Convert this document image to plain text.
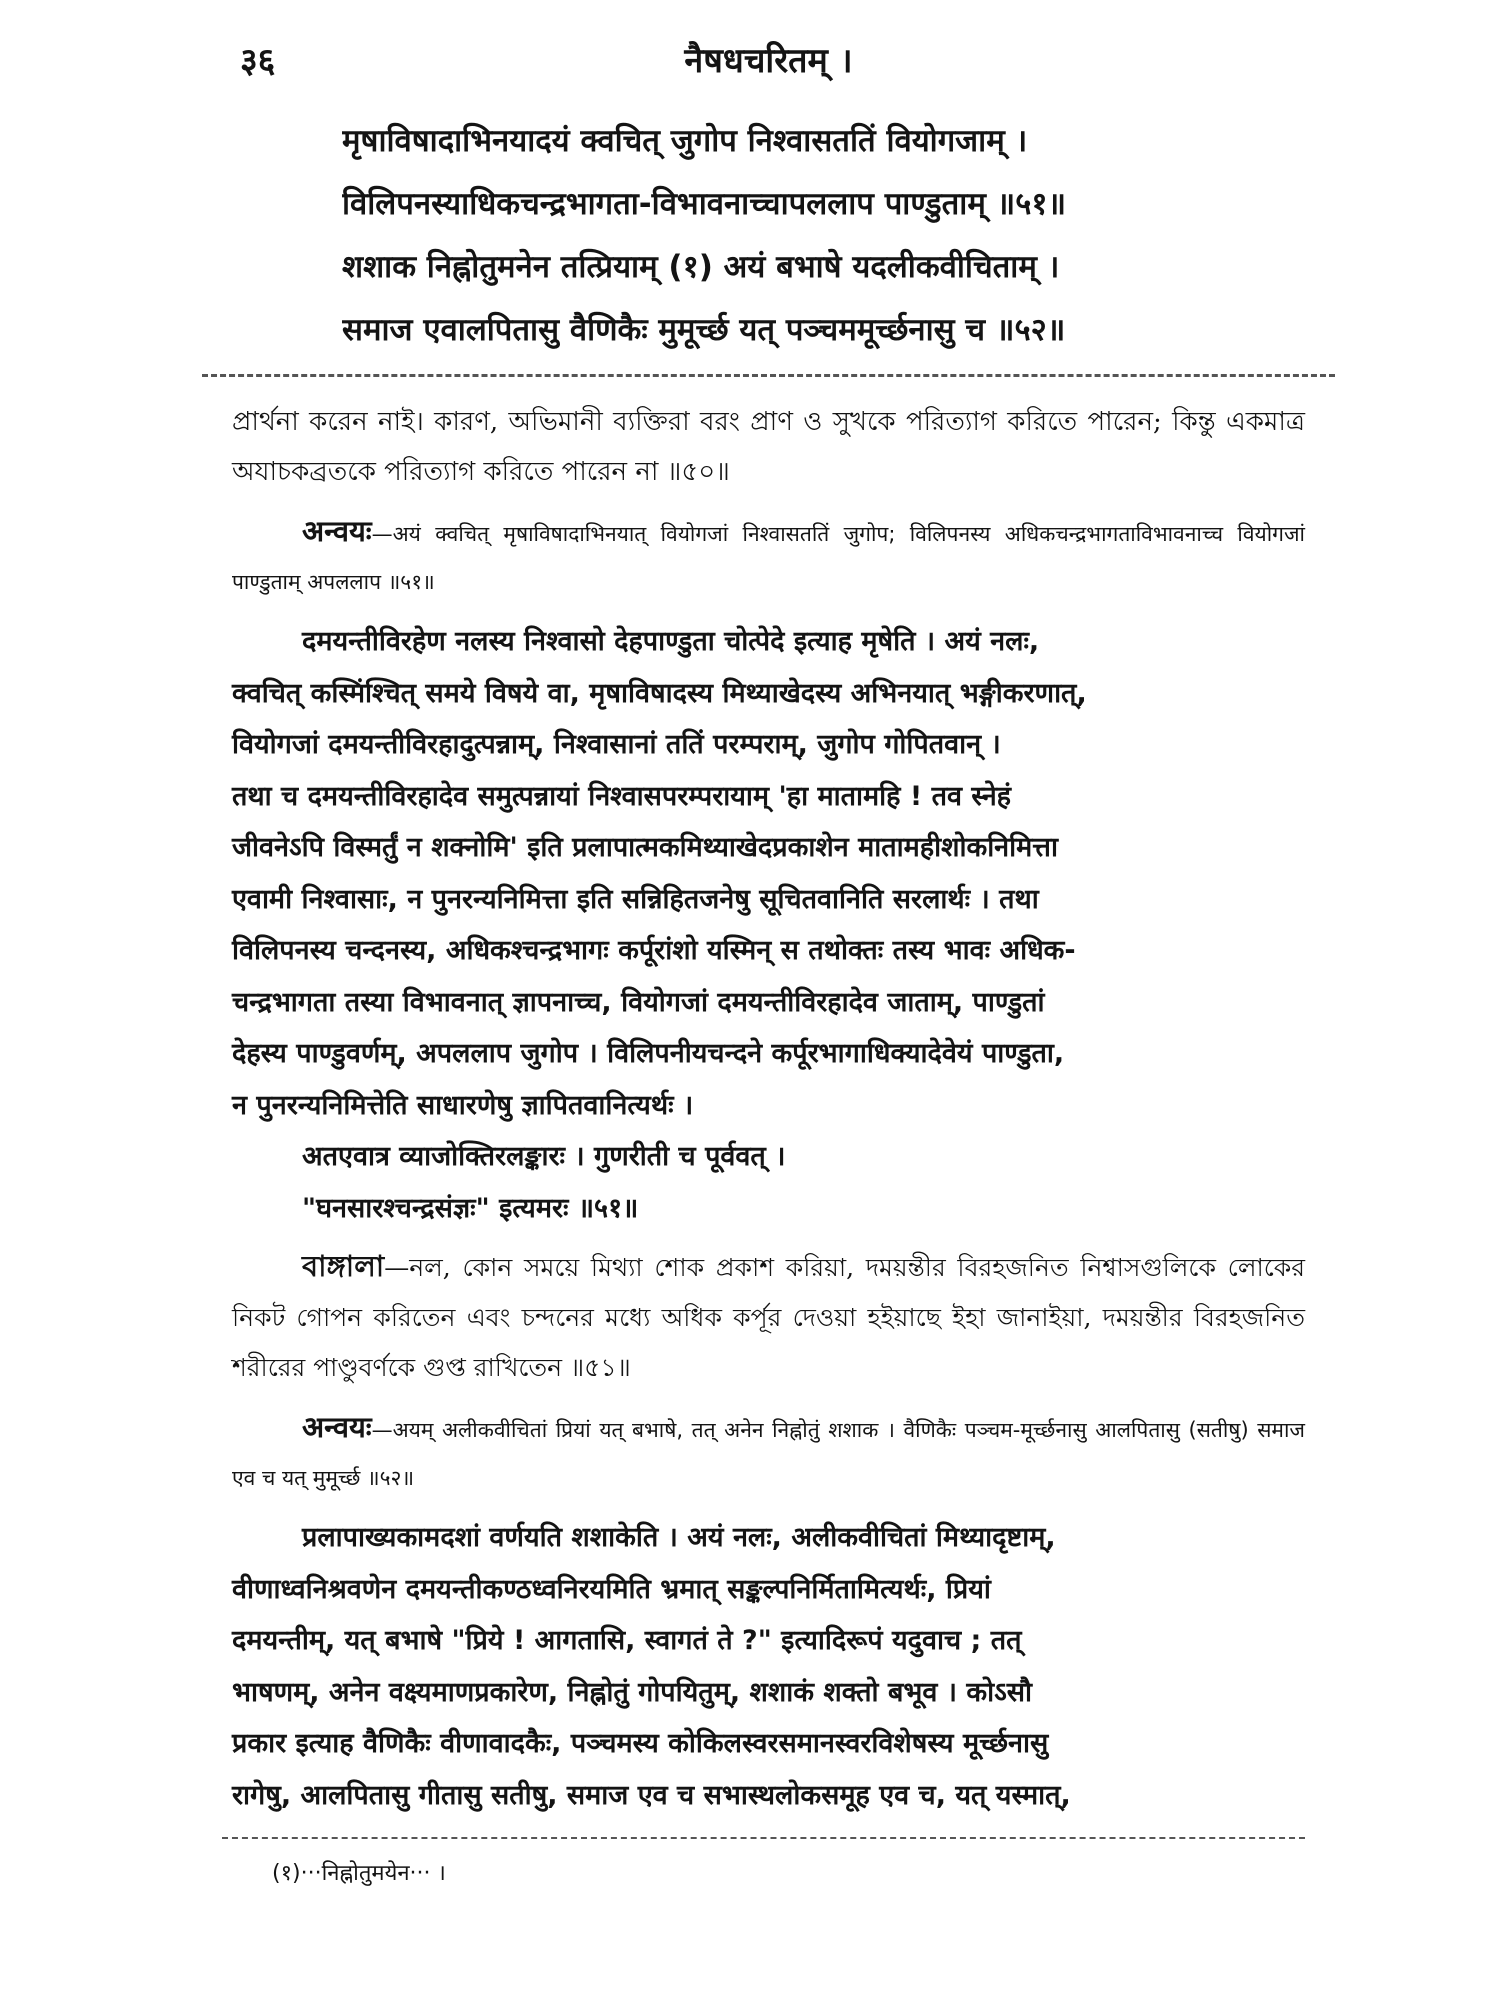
३६	नैषधचरितम् ।
मृषाविषादाभिनयादयं क्वचित् जुगोप निश्वासततिं वियोगजाम् ।
विलिपनस्याधिकचन्द्रभागता-विभावनाच्चापललाप पाण्डुताम् ॥५१॥
शशाक निह्नोतुमनेन तत्प्रियाम् (१) अयं बभाषे यदलीकवीचिताम् ।
समाज एवालपितासु वैणिकैः मुमूर्च्छ यत् पञ्चममूर्च्छनासु च ॥५२॥

প্রার্থনা করেন নাই। কারণ, অভিমানী ব্যক্তিরা বরং প্রাণ ও সুখকে পরিত্যাগ করিতে পারেন; কিন্তু একমাত্র অযাচকব্রতকে পরিত্যাগ করিতে পারেন না ॥৫০॥

अन्वयः—अयं क्वचित् मृषाविषादाभिनयात् वियोगजां निश्वासततिं जुगोप; विलिपनस्य अधिकचन्द्रभागताविभावनाच्च वियोगजां पाण्डुताम् अपललाप ॥५१॥

दमयन्तीविरहेण नलस्य निश्वासो देहपाण्डुता चोत्पेदे इत्याह मृषेति । अयं नलः,
क्वचित् कस्मिंश्चित् समये विषये वा, मृषाविषादस्य मिथ्याखेदस्य अभिनयात् भङ्गीकरणात्,
वियोगजां दमयन्तीविरहादुत्पन्नाम्, निश्वासानां ततिं परम्पराम्, जुगोप गोपितवान् ।
तथा च दमयन्तीविरहादेव समुत्पन्नायां निश्वासपरम्परायाम् 'हा मातामहि ! तव स्नेहं
जीवनेऽपि विस्मर्तुं न शक्नोमि' इति प्रलापात्मकमिथ्याखेदप्रकाशेन मातामहीशोकनिमित्ता
एवामी निश्वासाः, न पुनरन्यनिमित्ता इति सन्निहितजनेषु सूचितवानिति सरलार्थः । तथा
विलिपनस्य चन्दनस्य, अधिकश्चन्द्रभागः कर्पूरांशो यस्मिन् स तथोक्तः तस्य भावः अधिक-
चन्द्रभागता तस्या विभावनात् ज्ञापनाच्च, वियोगजां दमयन्तीविरहादेव जाताम्, पाण्डुतां
देहस्य पाण्डुवर्णम्, अपललाप जुगोप । विलिपनीयचन्दने कर्पूरभागाधिक्यादेवेयं पाण्डुता,
न पुनरन्यनिमित्तेति साधारणेषु ज्ञापितवानित्यर्थः ।

अतएवात्र व्याजोक्तिरलङ्कारः । गुणरीती च पूर्ववत् ।

"घनसारश्चन्द्रसंज्ञः" इत्यमरः ॥५१॥

বাঙ্গালা—নল, কোন সময়ে মিথ্যা শোক প্রকাশ করিয়া, দময়ন্তীর বিরহজনিত নিশ্বাসগুলিকে লোকের নিকট গোপন করিতেন এবং চন্দনের মধ্যে অধিক কর্পূর দেওয়া হইয়াছে ইহা জানাইয়া, দময়ন্তীর বিরহজনিত শরীরের পাণ্ডুবর্ণকে গুপ্ত রাখিতেন ॥৫১॥

अन्वयः—अयम् अलीकवीचितां प्रियां यत् बभाषे, तत् अनेन निह्नोतुं शशाक । वैणिकैः पञ्चम-मूर्च्छनासु आलपितासु (सतीषु) समाज एव च यत् मुमूर्च्छ ॥५२॥

प्रलापाख्यकामदशां वर्णयति शशाकेति । अयं नलः, अलीकवीचितां मिथ्यादृष्टाम्,
वीणाध्वनिश्रवणेन दमयन्तीकण्ठध्वनिरयमिति भ्रमात् सङ्कल्पनिर्मितामित्यर्थः, प्रियां
दमयन्तीम्, यत् बभाषे "प्रिये ! आगतासि, स्वागतं ते ?" इत्यादिरूपं यदुवाच ; तत्
भाषणम्, अनेन वक्ष्यमाणप्रकारेण, निह्नोतुं गोपयितुम्, शशाकं शक्तो बभूव । कोऽसौ
प्रकार इत्याह वैणिकैः वीणावादकैः, पञ्चमस्य कोकिलस्वरसमानस्वरविशेषस्य मूर्च्छनासु
रागेषु, आलपितासु गीतासु सतीषु, समाज एव च सभास्थलोकसमूह एव च, यत् यस्मात्,
(१)···निह्नोतुमयेन··· ।
